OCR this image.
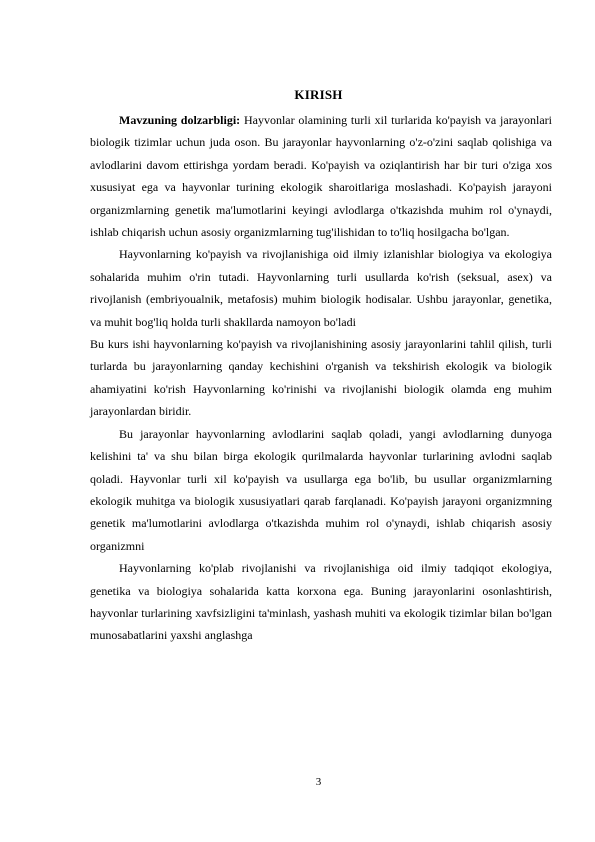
KIRISH

Mavzuning dolzarbligi: Hayvonlar olamining turli xil turlarida ko'payish va jarayonlari biologik tizimlar uchun juda oson. Bu jarayonlar hayvonlarning o'z-o'zini saqlab qolishiga va avlodlarini davom ettirishga yordam beradi. Ko'payish va oziqlantirish har bir turi o'ziga xos xususiyat ega va hayvonlar turining ekologik sharoitlariga moslashadi. Ko'payish jarayoni organizmlarning genetik ma'lumotlarini keyingi avlodlarga o'tkazishda muhim rol o'ynaydi, ishlab chiqarish uchun asosiy organizmlarning tug'ilishidan to to'liq hosilgacha bo'lgan.

Hayvonlarning ko'payish va rivojlanishiga oid ilmiy izlanishlar biologiya va ekologiya sohalarida muhim o'rin tutadi. Hayvonlarning turli usullarda ko'rish (seksual, asex) va rivojlanish (embriyoualnik, metafosis) muhim biologik hodisalar. Ushbu jarayonlar, genetika, va muhit bog'liq holda turli shakllarda namoyon bo'ladi

Bu kurs ishi hayvonlarning ko'payish va rivojlanishining asosiy jarayonlarini tahlil qilish, turli turlarda bu jarayonlarning qanday kechishini o'rganish va tekshirish ekologik va biologik ahamiyatini ko'rish Hayvonlarning ko'rinishi va rivojlanishi biologik olamda eng muhim jarayonlardan biridir.

Bu jarayonlar hayvonlarning avlodlarini saqlab qoladi, yangi avlodlarning dunyoga kelishini ta' va shu bilan birga ekologik qurilmalarda hayvonlar turlarining avlodni saqlab qoladi. Hayvonlar turli xil ko'payish va usullarga ega bo'lib, bu usullar organizmlarning ekologik muhitga va biologik xususiyatlari qarab farqlanadi. Ko'payish jarayoni organizmning genetik ma'lumotlarini avlodlarga o'tkazishda muhim rol o'ynaydi, ishlab chiqarish asosiy organizmni

Hayvonlarning ko'plab rivojlanishi va rivojlanishiga oid ilmiy tadqiqot ekologiya, genetika va biologiya sohalarida katta korxona ega. Buning jarayonlarini osonlashtirish, hayvonlar turlarining xavfsizligini ta'minlash, yashash muhiti va ekologik tizimlar bilan bo'lgan munosabatlarini yaxshi anglashga

3
